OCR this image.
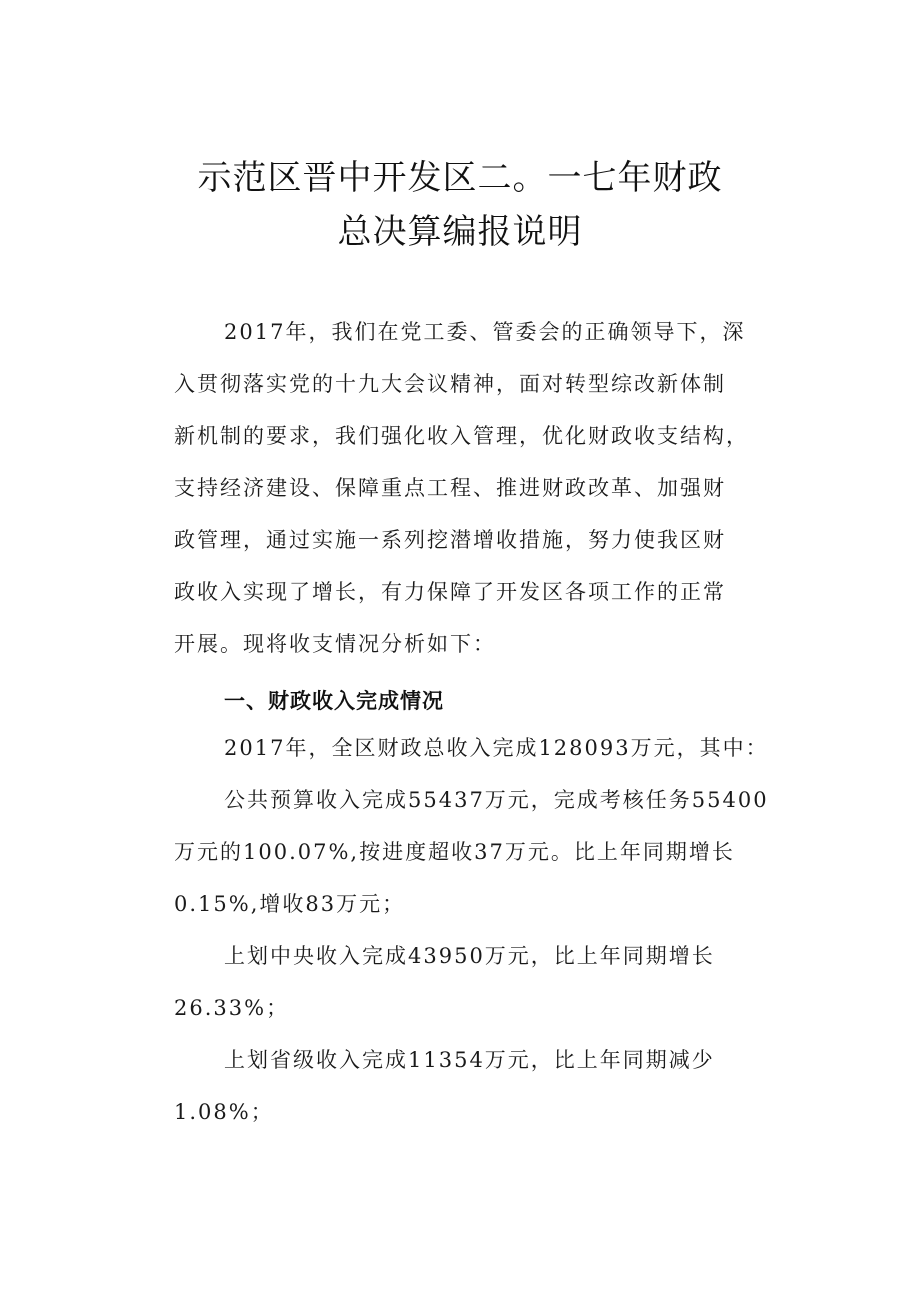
示范区晋中开发区二。一七年财政
总决算编报说明
2017年，我们在党工委、管委会的正确领导下，深
入贯彻落实党的十九大会议精神，面对转型综改新体制
新机制的要求，我们强化收入管理，优化财政收支结构，
支持经济建设、保障重点工程、推进财政改革、加强财
政管理，通过实施一系列挖潜增收措施，努力使我区财
政收入实现了增长，有力保障了开发区各项工作的正常
开展。现将收支情况分析如下：
一、财政收入完成情况
2017年，全区财政总收入完成128093万元，其中：
公共预算收入完成55437万元，完成考核任务55400
万元的100.07%,按进度超收37万元。比上年同期增长
0.15%,增收83万元；
上划中央收入完成43950万元，比上年同期增长
26.33%；
上划省级收入完成11354万元，比上年同期减少
1.08%；
